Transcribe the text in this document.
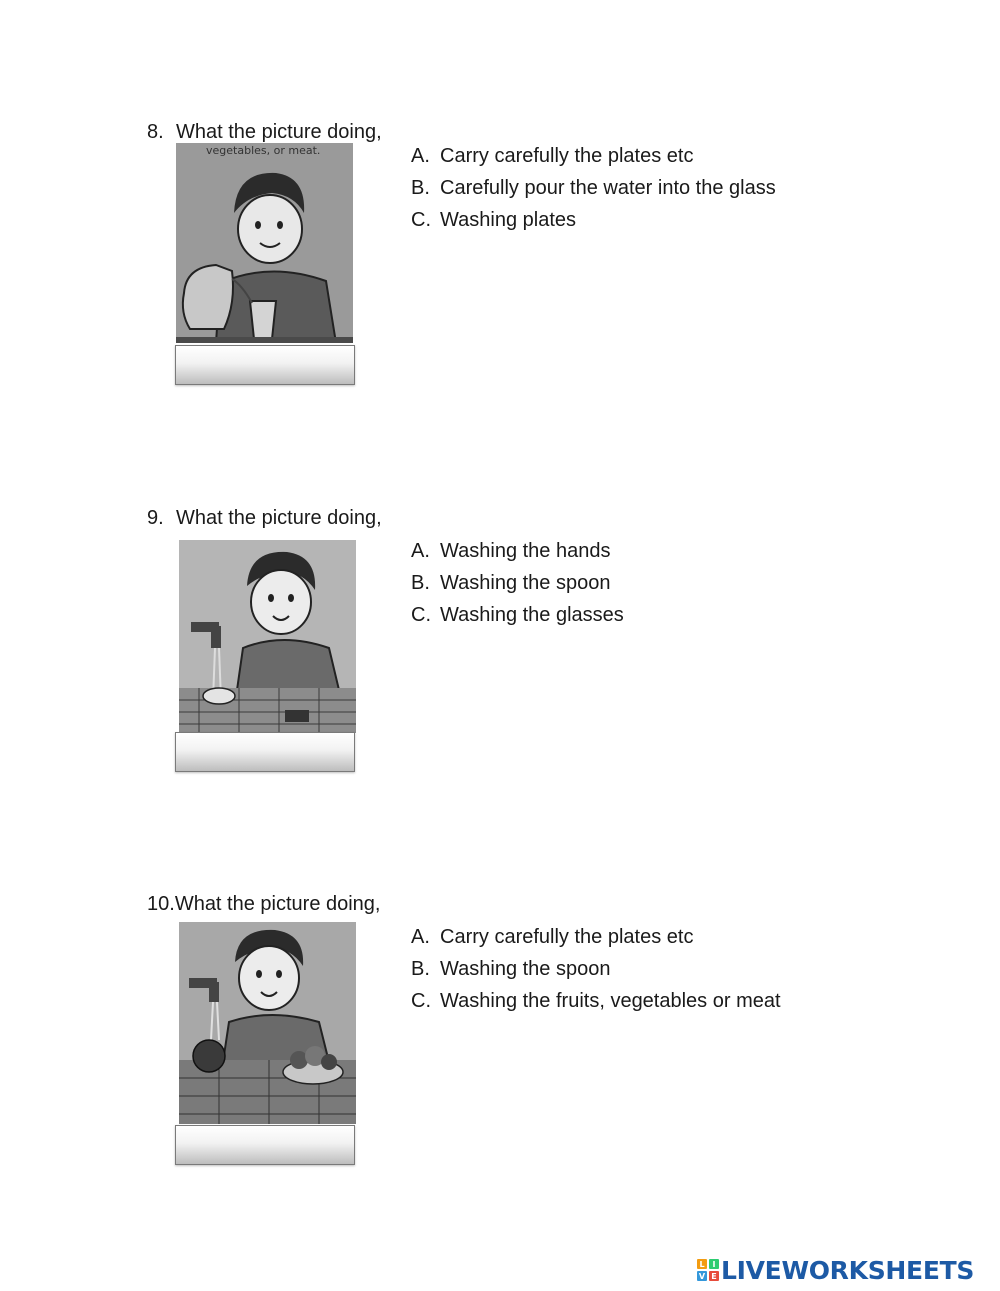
8. What the picture doing,
vegetables, or meat.	A. Carry carefully the plates etc
B. Carefully pour the water into the glass
C. Washing plates
9. What the picture doing,
A. Washing the hands
B. Washing the spoon
C. Washing the glasses
10.What the picture doing,
A. Carry carefully the plates etc
B. Washing the spoon
C. Washing the fruits, vegetables or meat
L I
V E LIVEWORKSHEETS
